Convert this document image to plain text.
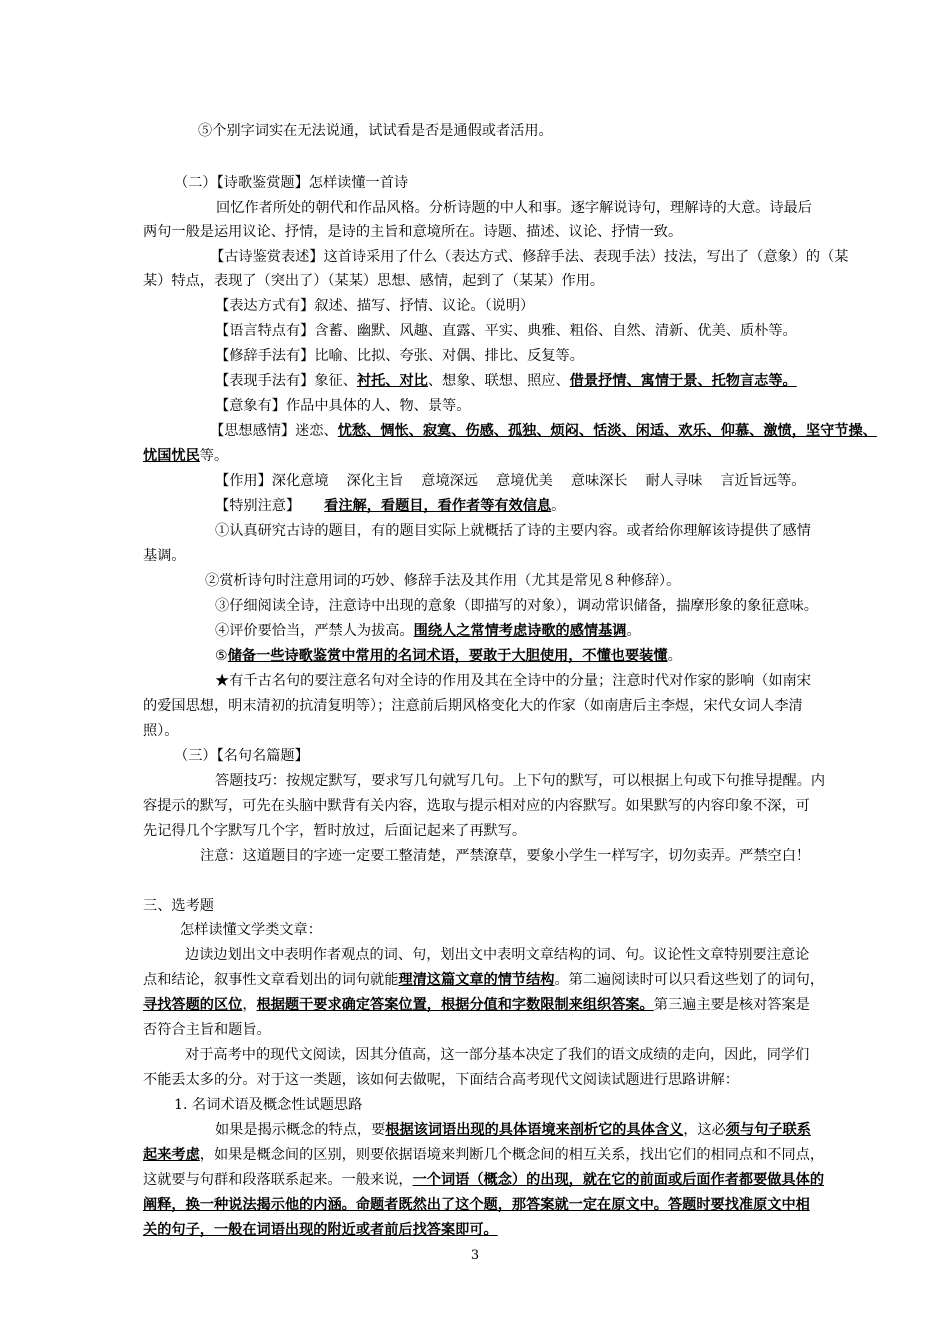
⑤个别字词实在无法说通，试试看是否是通假或者活用。
（二）【诗歌鉴赏题】怎样读懂一首诗
回忆作者所处的朝代和作品风格。分析诗题的中人和事。逐字解说诗句，理解诗的大意。诗最后
两句一般是运用议论、抒情，是诗的主旨和意境所在。诗题、描述、议论、抒情一致。
【古诗鉴赏表述】这首诗采用了什么（表达方式、修辞手法、表现手法）技法，写出了（意象）的（某
某）特点，表现了（突出了）（某某）思想、感情，起到了（某某）作用。
【表达方式有】叙述、描写、抒情、议论。（说明）
【语言特点有】含蓄、幽默、风趣、直露、平实、典雅、粗俗、自然、清新、优美、质朴等。
【修辞手法有】比喻、比拟、夸张、对偶、排比、反复等。
【表现手法有】象征、衬托、对比、想象、联想、照应、借景抒情、寓情于景、托物言志等。
【意象有】作品中具体的人、物、景等。
【思想感情】迷恋、忧愁、惆怅、寂寞、伤感、孤独、烦闷、恬淡、闲适、欢乐、仰慕、激愤，坚守节操、
忧国忧民等。
【作用】深化意境 深化主旨 意境深远 意境优美 意味深长 耐人寻味 言近旨远等。
【特别注意】 看注解，看题目，看作者等有效信息。
①认真研究古诗的题目，有的题目实际上就概括了诗的主要内容。或者给你理解该诗提供了感情
基调。
②赏析诗句时注意用词的巧妙、修辞手法及其作用（尤其是常见８种修辞）。
③仔细阅读全诗，注意诗中出现的意象（即描写的对象），调动常识储备，揣摩形象的象征意味。
④评价要恰当，严禁人为拔高。围绕人之常情考虑诗歌的感情基调。
⑤储备一些诗歌鉴赏中常用的名词术语，要敢于大胆使用，不懂也要装懂。
★有千古名句的要注意名句对全诗的作用及其在全诗中的分量；注意时代对作家的影响（如南宋
的爱国思想，明末清初的抗清复明等）；注意前后期风格变化大的作家（如南唐后主李煜，宋代女词人李清
照）。
（三）【名句名篇题】
答题技巧：按规定默写，要求写几句就写几句。上下句的默写，可以根据上句或下句推导提醒。内
容提示的默写，可先在头脑中默背有关内容，选取与提示相对应的内容默写。如果默写的内容印象不深，可
先记得几个字默写几个字，暂时放过，后面记起来了再默写。
注意：这道题目的字迹一定要工整清楚，严禁潦草，要象小学生一样写字，切勿卖弄。严禁空白！
三、选考题
怎样读懂文学类文章：
边读边划出文中表明作者观点的词、句，划出文中表明文章结构的词、句。议论性文章特别要注意论
点和结论，叙事性文章看划出的词句就能理清这篇文章的情节结构。第二遍阅读时可以只看这些划了的词句，
寻找答题的区位，根据题干要求确定答案位置，根据分值和字数限制来组织答案。第三遍主要是核对答案是
否符合主旨和题旨。
对于高考中的现代文阅读，因其分值高，这一部分基本决定了我们的语文成绩的走向，因此，同学们
不能丢太多的分。对于这一类题，该如何去做呢，下面结合高考现代文阅读试题进行思路讲解：
1. 名词术语及概念性试题思路
如果是揭示概念的特点，要根据该词语出现的具体语境来剖析它的具体含义，这必须与句子联系
起来考虑，如果是概念间的区别，则要依据语境来判断几个概念间的相互关系，找出它们的相同点和不同点，
这就要与句群和段落联系起来。一般来说，一个词语（概念）的出现，就在它的前面或后面作者都要做具体的
阐释，换一种说法揭示他的内涵。命题者既然出了这个题，那答案就一定在原文中。答题时要找准原文中相
关的句子，一般在词语出现的附近或者前后找答案即可。
3
